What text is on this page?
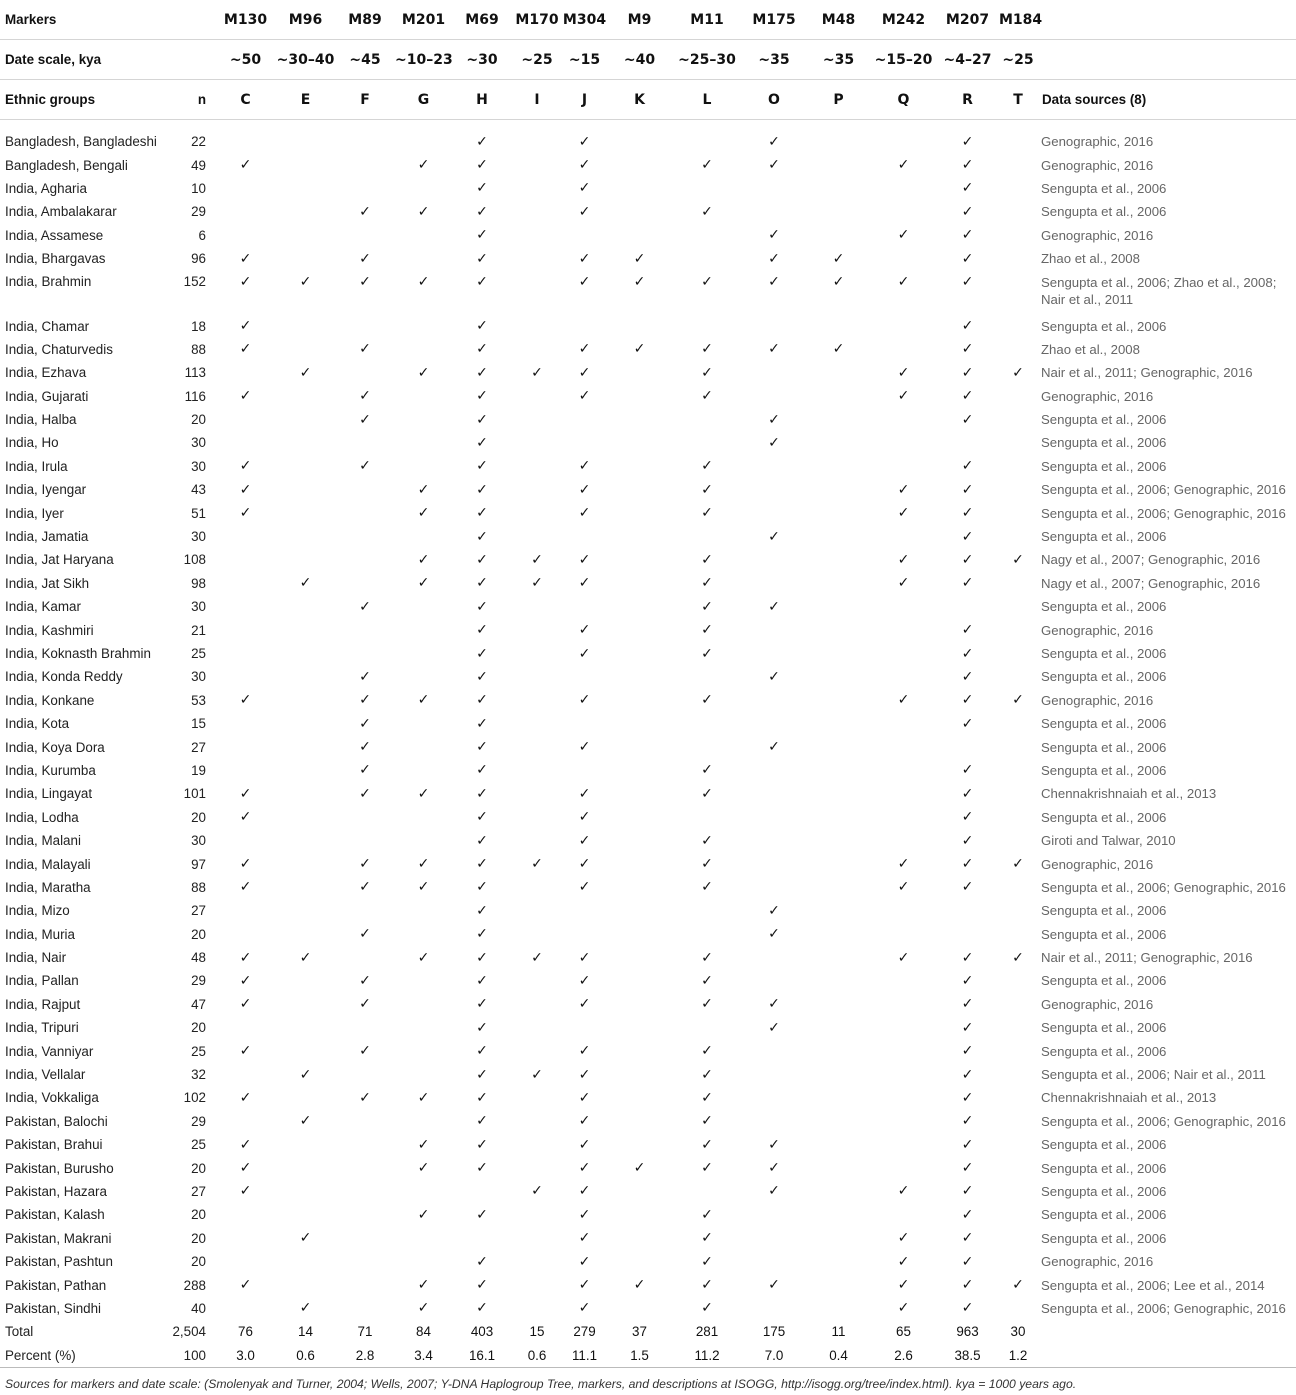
Markers		M130	M96	M89	M201	M69	M170	M304	M9	M11	M175	M48	M242	M207	M184	
Date scale, kya		~50	~30–40	~45	~10–23	~30	~25	~15	~40	~25–30	~35	~35	~15–20	~4–27	~25	
Ethnic groups	n	C	E	F	G	H	I	J	K	L	O	P	Q	R	T	Data sources (8)
Bangladesh, Bangladeshi	22					✓		✓			✓			✓		Genographic, 2016
Bangladesh, Bengali	49	✓			✓	✓		✓		✓	✓		✓	✓		Genographic, 2016
India, Agharia	10					✓		✓						✓		Sengupta et al., 2006
India, Ambalakarar	29			✓	✓	✓		✓		✓				✓		Sengupta et al., 2006
India, Assamese	6					✓					✓		✓	✓		Genographic, 2016
India, Bhargavas	96	✓		✓		✓		✓	✓		✓	✓		✓		Zhao et al., 2008
India, Brahmin	152	✓	✓	✓	✓	✓		✓	✓	✓	✓	✓	✓	✓		Sengupta et al., 2006; Zhao et al., 2008; Nair et al., 2011
India, Chamar	18	✓				✓								✓		Sengupta et al., 2006
India, Chaturvedis	88	✓		✓		✓		✓	✓	✓	✓	✓		✓		Zhao et al., 2008
India, Ezhava	113		✓		✓	✓	✓	✓		✓			✓	✓	✓	Nair et al., 2011; Genographic, 2016
India, Gujarati	116	✓		✓		✓		✓		✓			✓	✓		Genographic, 2016
India, Halba	20			✓		✓					✓			✓		Sengupta et al., 2006
India, Ho	30					✓					✓					Sengupta et al., 2006
India, Irula	30	✓		✓		✓		✓		✓				✓		Sengupta et al., 2006
India, Iyengar	43	✓			✓	✓		✓		✓			✓	✓		Sengupta et al., 2006; Genographic, 2016
India, Iyer	51	✓			✓	✓		✓		✓			✓	✓		Sengupta et al., 2006; Genographic, 2016
India, Jamatia	30					✓					✓			✓		Sengupta et al., 2006
India, Jat Haryana	108				✓	✓	✓	✓		✓			✓	✓	✓	Nagy et al., 2007; Genographic, 2016
India, Jat Sikh	98		✓		✓	✓	✓	✓		✓			✓	✓		Nagy et al., 2007; Genographic, 2016
India, Kamar	30			✓		✓				✓	✓					Sengupta et al., 2006
India, Kashmiri	21					✓		✓		✓				✓		Genographic, 2016
India, Koknasth Brahmin	25					✓		✓		✓				✓		Sengupta et al., 2006
India, Konda Reddy	30			✓		✓					✓			✓		Sengupta et al., 2006
India, Konkane	53	✓		✓	✓	✓		✓		✓			✓	✓	✓	Genographic, 2016
India, Kota	15			✓		✓								✓		Sengupta et al., 2006
India, Koya Dora	27			✓		✓		✓			✓					Sengupta et al., 2006
India, Kurumba	19			✓		✓				✓				✓		Sengupta et al., 2006
India, Lingayat	101	✓		✓	✓	✓		✓		✓				✓		Chennakrishnaiah et al., 2013
India, Lodha	20	✓				✓		✓						✓		Sengupta et al., 2006
India, Malani	30					✓		✓		✓				✓		Giroti and Talwar, 2010
India, Malayali	97	✓		✓	✓	✓	✓	✓		✓			✓	✓	✓	Genographic, 2016
India, Maratha	88	✓		✓	✓	✓		✓		✓			✓	✓		Sengupta et al., 2006; Genographic, 2016
India, Mizo	27					✓					✓					Sengupta et al., 2006
India, Muria	20			✓		✓					✓					Sengupta et al., 2006
India, Nair	48	✓	✓		✓	✓	✓	✓		✓			✓	✓	✓	Nair et al., 2011; Genographic, 2016
India, Pallan	29	✓		✓		✓		✓		✓				✓		Sengupta et al., 2006
India, Rajput	47	✓		✓		✓		✓		✓	✓			✓		Genographic, 2016
India, Tripuri	20					✓					✓			✓		Sengupta et al., 2006
India, Vanniyar	25	✓		✓		✓		✓		✓				✓		Sengupta et al., 2006
India, Vellalar	32		✓			✓	✓	✓		✓				✓		Sengupta et al., 2006; Nair et al., 2011
India, Vokkaliga	102	✓		✓	✓	✓		✓		✓				✓		Chennakrishnaiah et al., 2013
Pakistan, Balochi	29		✓			✓		✓		✓				✓		Sengupta et al., 2006; Genographic, 2016
Pakistan, Brahui	25	✓			✓	✓		✓		✓	✓			✓		Sengupta et al., 2006
Pakistan, Burusho	20	✓			✓	✓		✓	✓	✓	✓			✓		Sengupta et al., 2006
Pakistan, Hazara	27	✓					✓	✓			✓		✓	✓		Sengupta et al., 2006
Pakistan, Kalash	20				✓	✓		✓		✓				✓		Sengupta et al., 2006
Pakistan, Makrani	20		✓					✓		✓			✓	✓		Sengupta et al., 2006
Pakistan, Pashtun	20					✓		✓		✓			✓	✓		Genographic, 2016
Pakistan, Pathan	288	✓			✓	✓		✓	✓	✓	✓		✓	✓	✓	Sengupta et al., 2006; Lee et al., 2014
Pakistan, Sindhi	40		✓		✓	✓		✓		✓			✓	✓		Sengupta et al., 2006; Genographic, 2016
Total	2,504	76	14	71	84	403	15	279	37	281	175	11	65	963	30	
Percent (%)	100	3.0	0.6	2.8	3.4	16.1	0.6	11.1	1.5	11.2	7.0	0.4	2.6	38.5	1.2	
Sources for markers and date scale: (Smolenyak and Turner, 2004; Wells, 2007; Y-DNA Haplogroup Tree, markers, and descriptions at ISOGG, http://isogg.org/tree/index.html). kya = 1000 years ago.
